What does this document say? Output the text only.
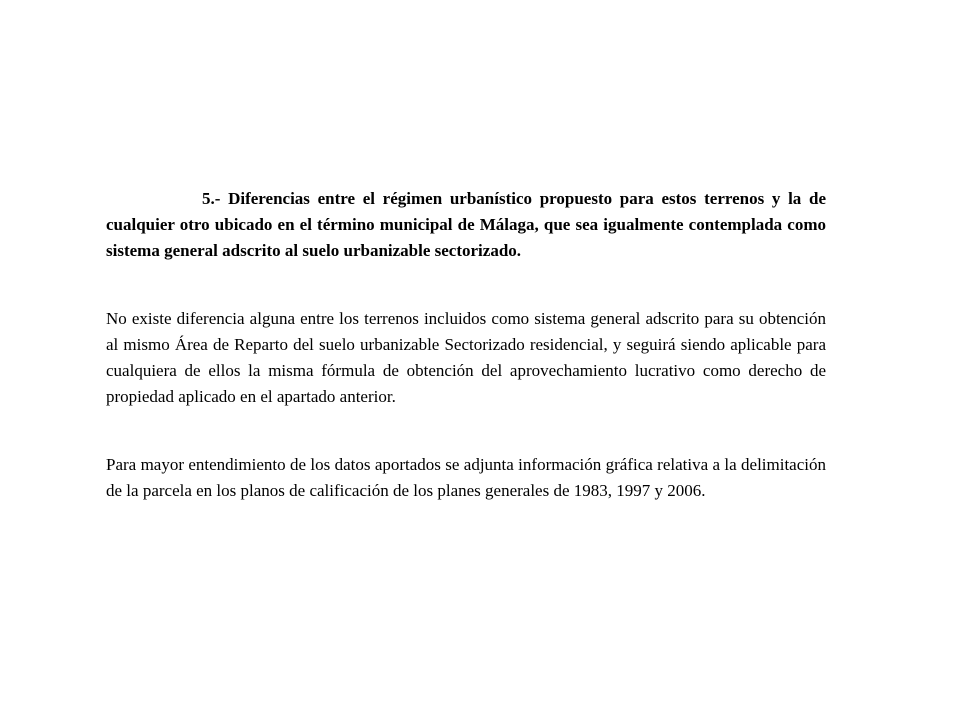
5.- Diferencias entre el régimen urbanístico propuesto para estos terrenos y la de cualquier otro ubicado en el término municipal de Málaga, que sea igualmente contemplada como sistema general adscrito al suelo urbanizable sectorizado.

No existe diferencia alguna entre los terrenos incluidos como sistema general adscrito para su obtención al mismo Área de Reparto del suelo urbanizable Sectorizado residencial, y seguirá siendo aplicable para cualquiera de ellos la misma fórmula de obtención del aprovechamiento lucrativo como derecho de propiedad aplicado en el apartado anterior.

Para mayor entendimiento de los datos aportados se adjunta información gráfica relativa a la delimitación de la parcela en los planos de calificación de los planes generales de 1983, 1997 y 2006.
